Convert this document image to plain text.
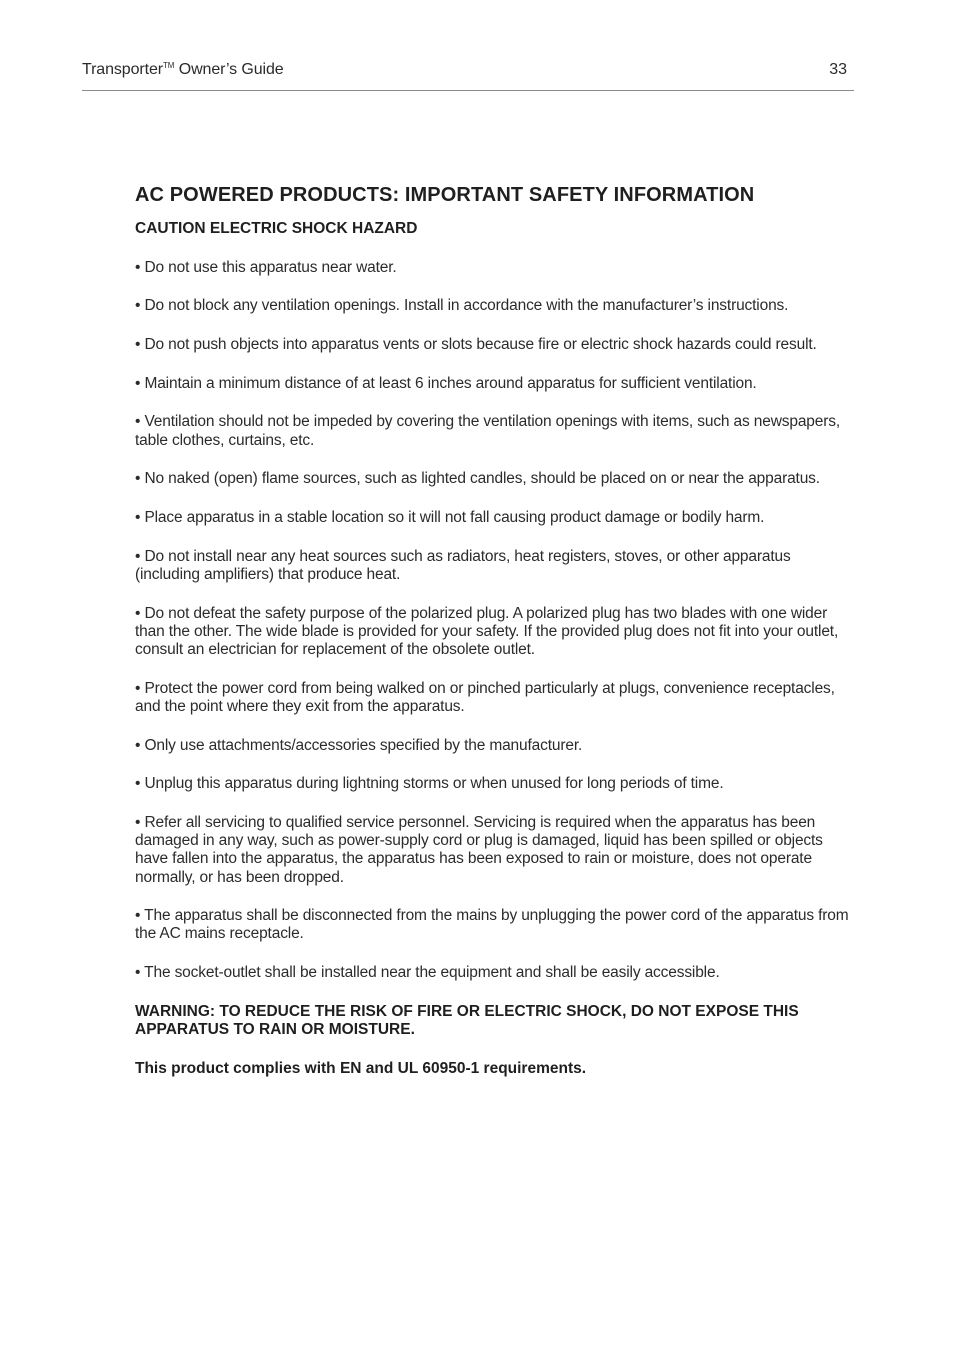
Transporter™ Owner’s Guide	33
AC POWERED PRODUCTS: IMPORTANT SAFETY INFORMATION
CAUTION ELECTRIC SHOCK HAZARD
• Do not use this apparatus near water.
• Do not block any ventilation openings. Install in accordance with the manufacturer’s instructions.
• Do not push objects into apparatus vents or slots because fire or electric shock hazards could result.
• Maintain a minimum distance of at least 6 inches around apparatus for sufficient ventilation.
• Ventilation should not be impeded by covering the ventilation openings with items, such as newspapers, table clothes, curtains, etc.
• No naked (open) flame sources, such as lighted candles, should be placed on or near the apparatus.
• Place apparatus in a stable location so it will not fall causing product damage or bodily harm.
• Do not install near any heat sources such as radiators, heat registers, stoves, or other apparatus (including amplifiers) that produce heat.
• Do not defeat the safety purpose of the polarized plug. A polarized plug has two blades with one wider than the other. The wide blade is provided for your safety. If the provided plug does not fit into your outlet, consult an electrician for replacement of the obsolete outlet.
• Protect the power cord from being walked on or pinched particularly at plugs, convenience receptacles, and the point where they exit from the apparatus.
• Only use attachments/accessories specified by the manufacturer.
• Unplug this apparatus during lightning storms or when unused for long periods of time.
• Refer all servicing to qualified service personnel. Servicing is required when the apparatus has been damaged in any way, such as power-supply cord or plug is damaged, liquid has been spilled or objects have fallen into the apparatus, the apparatus has been exposed to rain or moisture, does not operate normally, or has been dropped.
• The apparatus shall be disconnected from the mains by unplugging the power cord of the apparatus from the AC mains receptacle.
• The socket-outlet shall be installed near the equipment and shall be easily accessible.

WARNING: TO REDUCE THE RISK OF FIRE OR ELECTRIC SHOCK, DO NOT EXPOSE THIS APPARATUS TO RAIN OR MOISTURE.

This product complies with EN and UL 60950-1 requirements.
